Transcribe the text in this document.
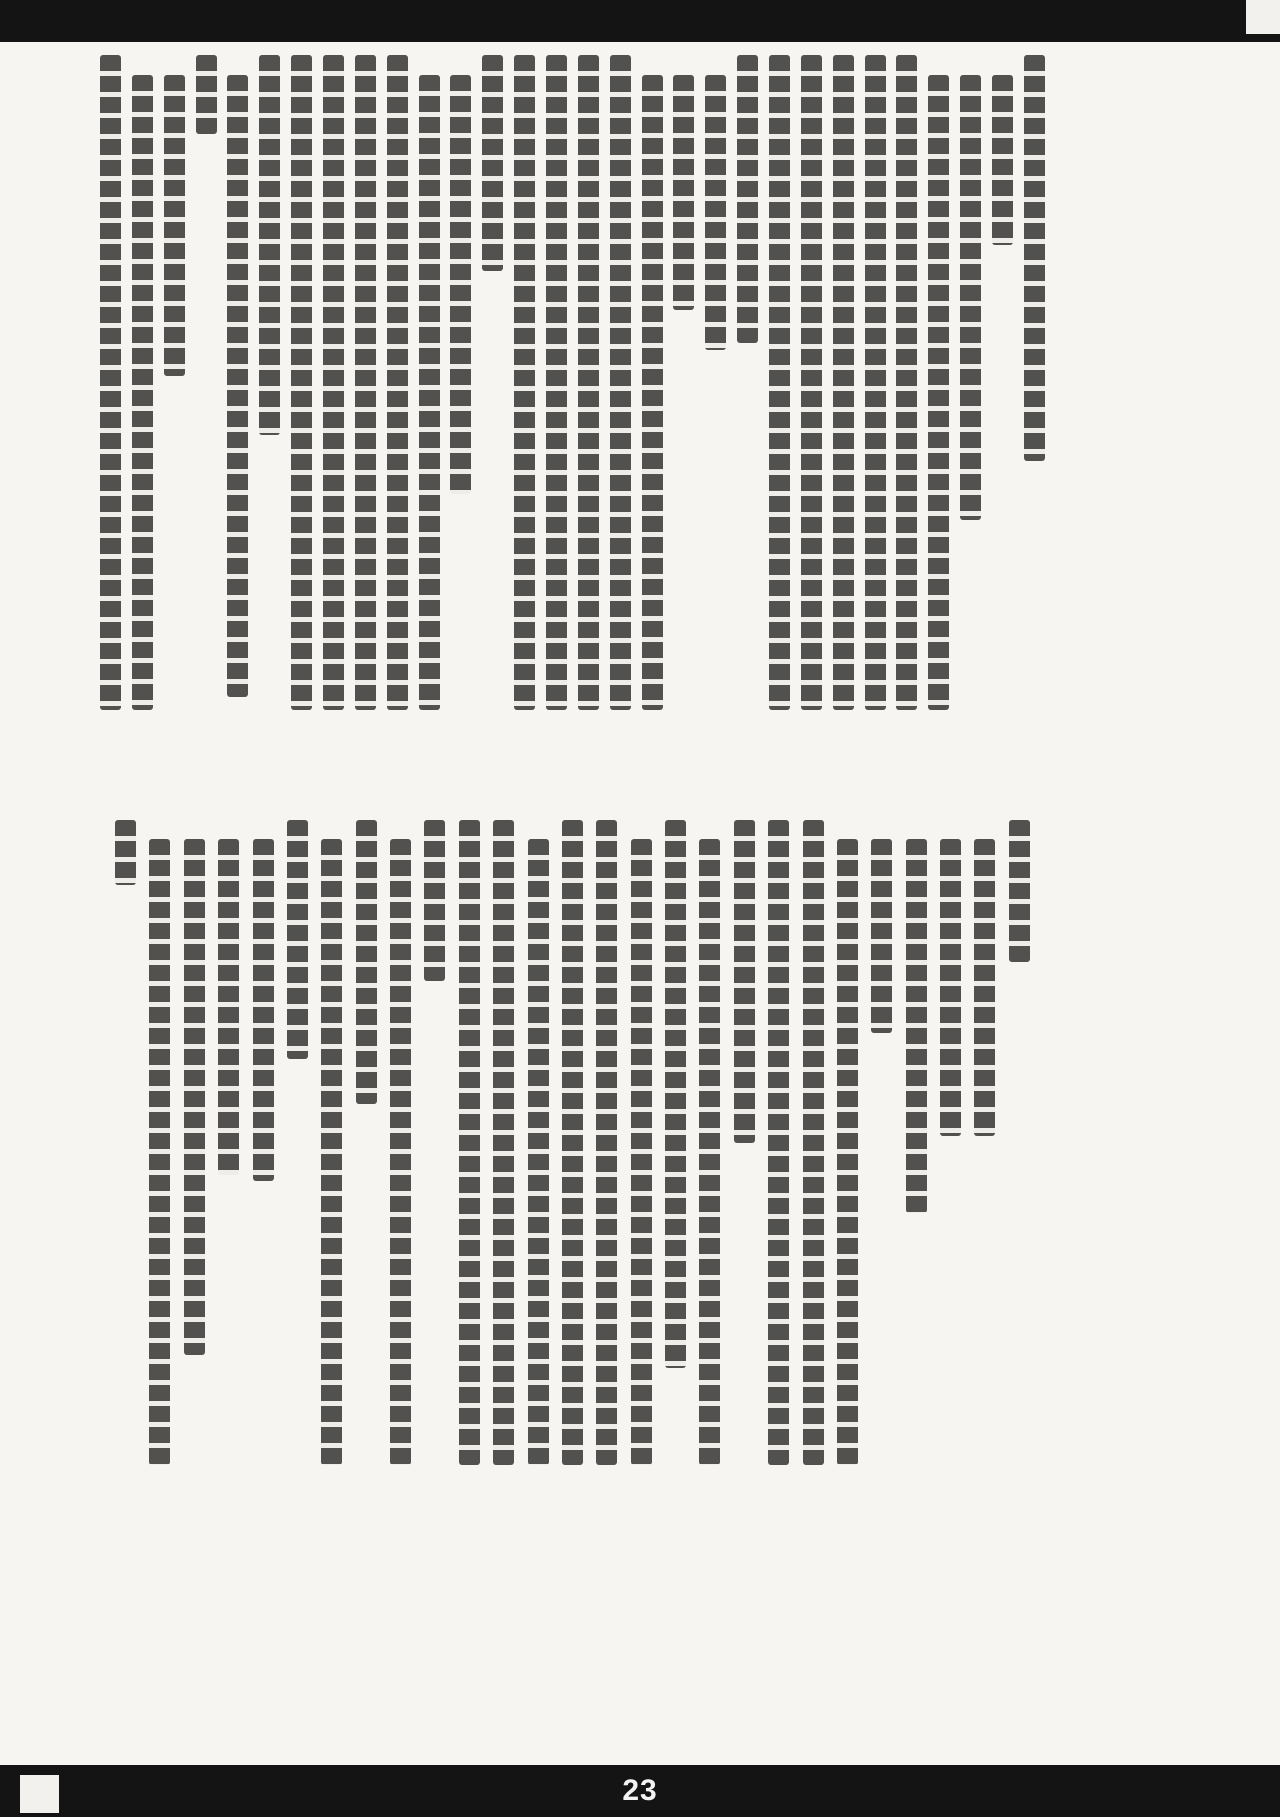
23
